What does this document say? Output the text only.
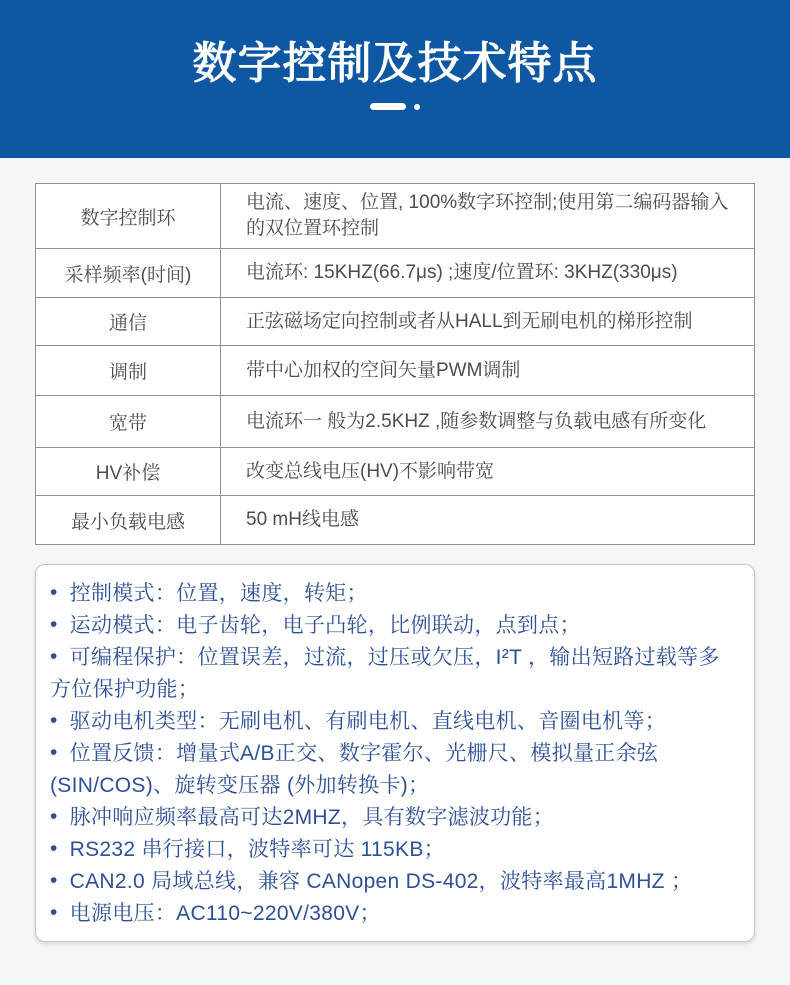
数字控制及技术特点
数字控制环	电流、速度、位置, 100%数字环控制;使用第二编码器输入的双位置环控制
采样频率(时间)	电流环: 15KHZ(66.7μs) ;速度/位置环: 3KHZ(330μs)
通信	正弦磁场定向控制或者从HALL到无刷电机的梯形控制
调制	带中心加权的空间矢量PWM调制
宽带	电流环一 般为2.5KHZ ,随参数调整与负载电感有所变化
HV补偿	改变总线电压(HV)不影响带宽
最小负载电感	50 mH线电感
• 控制模式：位置，速度，转矩；
• 运动模式：电子齿轮，电子凸轮，比例联动，点到点；
• 可编程保护：位置误差，过流，过压或欠压，I²T ，输出短路过载等多方位保护功能；
• 驱动电机类型：无刷电机、有刷电机、直线电机、音圈电机等；
• 位置反馈：增量式A/B正交、数字霍尔、光栅尺、模拟量正余弦(SIN/COS)、旋转变压器 (外加转换卡)；
• 脉冲响应频率最高可达2MHZ，具有数字滤波功能；
• RS232 串行接口，波特率可达 115KB；
• CAN2.0 局域总线，兼容 CANopen DS-402，波特率最高1MHZ ；
• 电源电压：AC110~220V/380V；
